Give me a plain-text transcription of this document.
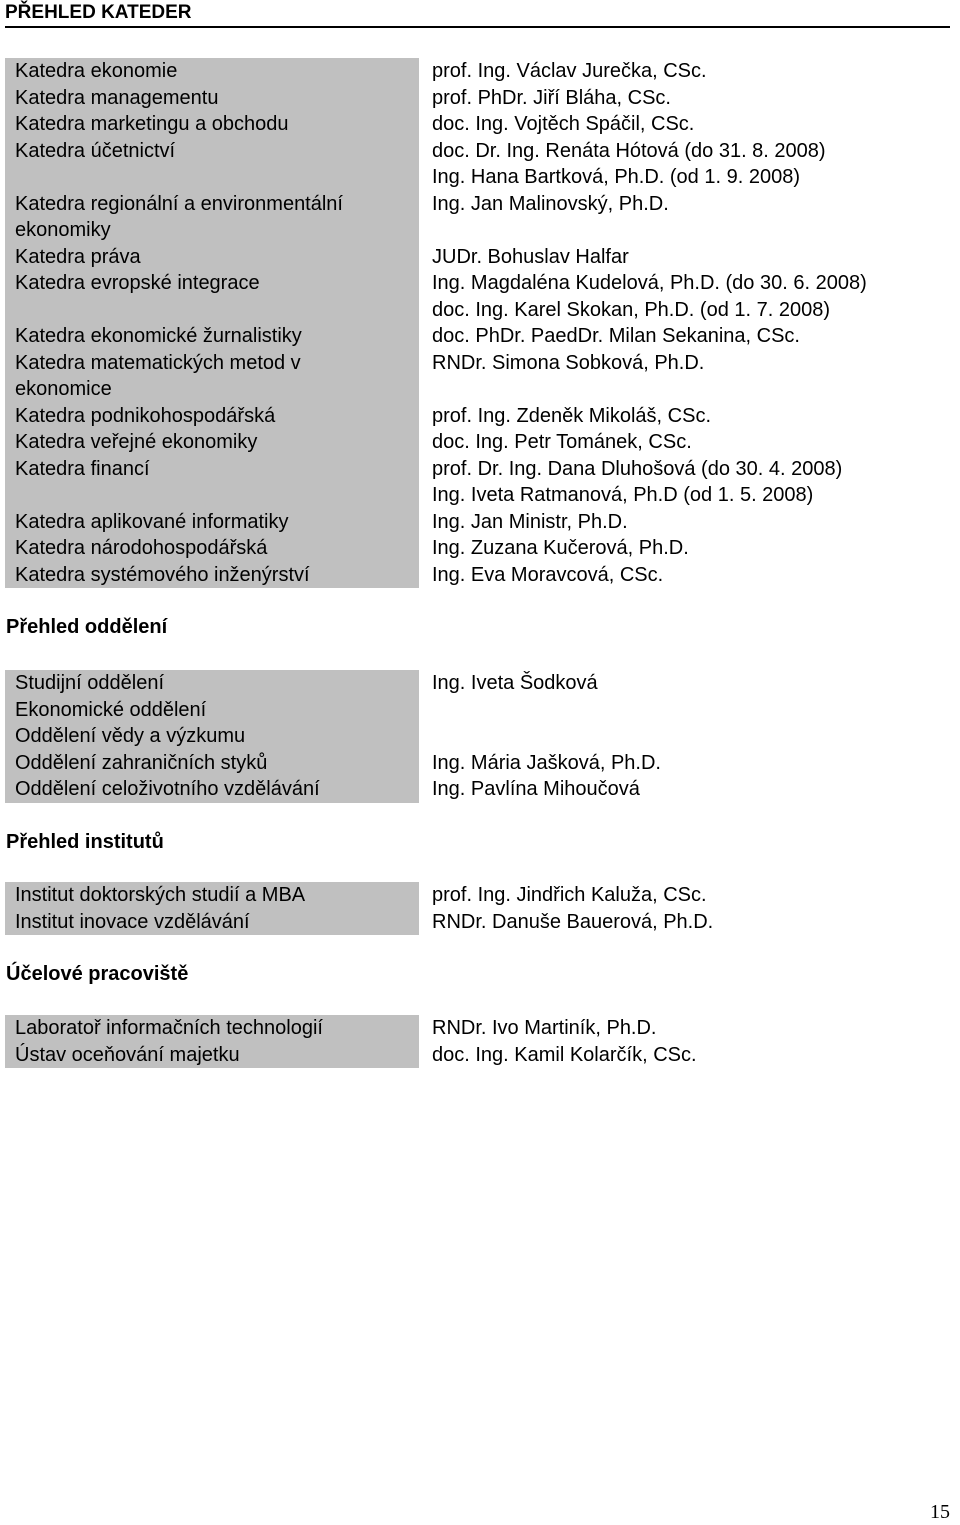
PŘEHLED KATEDER
Katedra ekonomie	prof. Ing. Václav Jurečka, CSc.
Katedra managementu	prof. PhDr. Jiří Bláha, CSc.
Katedra marketingu a obchodu	doc. Ing. Vojtěch Spáčil, CSc.
Katedra účetnictví	doc. Dr. Ing. Renáta Hótová (do 31. 8. 2008)
Ing. Hana Bartková, Ph.D. (od 1. 9. 2008)
Katedra regionální a environmentální	Ing. Jan Malinovský, Ph.D.
ekonomiky
Katedra práva	JUDr. Bohuslav Halfar
Katedra evropské integrace	Ing. Magdaléna Kudelová, Ph.D. (do 30. 6. 2008)
doc. Ing. Karel Skokan, Ph.D. (od 1. 7. 2008)
Katedra ekonomické žurnalistiky	doc. PhDr. PaedDr. Milan Sekanina, CSc.
Katedra matematických metod v	RNDr. Simona Sobková, Ph.D.
ekonomice
Katedra podnikohospodářská	prof. Ing. Zdeněk Mikoláš, CSc.
Katedra veřejné ekonomiky	doc. Ing. Petr Tománek, CSc.
Katedra financí	prof. Dr. Ing. Dana Dluhošová (do 30. 4. 2008)
Ing. Iveta Ratmanová, Ph.D (od 1. 5. 2008)
Katedra aplikované informatiky	Ing. Jan Ministr, Ph.D.
Katedra národohospodářská	Ing. Zuzana Kučerová, Ph.D.
Katedra systémového inženýrství	Ing. Eva Moravcová, CSc.
Přehled oddělení
Studijní oddělení	Ing. Iveta Šodková
Ekonomické oddělení
Oddělení vědy a výzkumu
Oddělení zahraničních styků	Ing. Mária Jašková, Ph.D.
Oddělení celoživotního vzdělávání	Ing. Pavlína Mihoučová
Přehled institutů
Institut doktorských studií a MBA	prof. Ing. Jindřich Kaluža, CSc.
Institut inovace vzdělávání	RNDr. Danuše Bauerová, Ph.D.
Účelové pracoviště
Laboratoř informačních technologií	RNDr. Ivo Martiník, Ph.D.
Ústav oceňování majetku	doc. Ing. Kamil Kolarčík, CSc.
15
